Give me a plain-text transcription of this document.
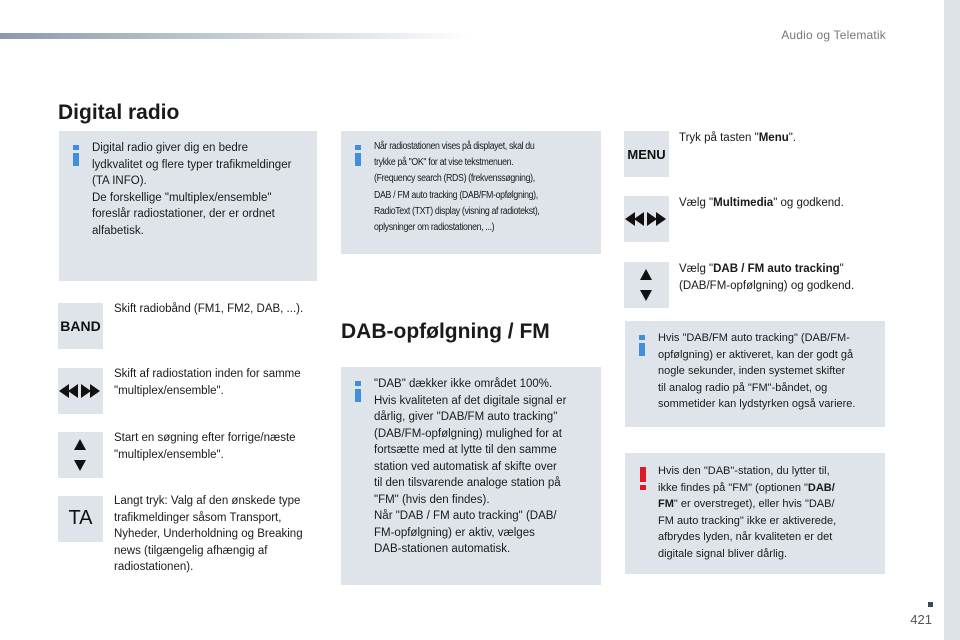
Audio og Telematik
Digital radio
Digital radio giver dig en bedre
lydkvalitet og flere typer trafikmeldinger
(TA INFO).
De forskellige "multiplex/ensemble"
foreslår radiostationer, der er ordnet
alfabetisk.
Når radiostationen vises på displayet, skal du
trykke på "OK" for at vise tekstmenuen.
(Frequency search (RDS) (frekvenssøgning),
DAB / FM auto tracking (DAB/FM-opfølgning),
RadioText (TXT) display (visning af radiotekst),
oplysninger om radiostationen, ...)
BAND
Skift radiobånd (FM1, FM2, DAB, ...).
Skift af radiostation inden for samme
"multiplex/ensemble".
Start en søgning efter forrige/næste
"multiplex/ensemble".
TA
Langt tryk: Valg af den ønskede type
trafikmeldinger såsom Transport,
Nyheder, Underholdning og Breaking
news (tilgængelig afhængig af
radiostationen).
DAB-opfølgning / FM
"DAB" dækker ikke området 100%.
Hvis kvaliteten af det digitale signal er
dårlig, giver "DAB/FM auto tracking"
(DAB/FM-opfølgning) mulighed for at
fortsætte med at lytte til den samme
station ved automatisk af skifte over
til den tilsvarende analoge station på
"FM" (hvis den findes).
Når "DAB / FM auto tracking" (DAB/
FM-opfølgning) er aktiv, vælges
DAB-stationen automatisk.
MENU
Tryk på tasten "Menu".
Vælg "Multimedia" og godkend.
Vælg "DAB / FM auto tracking"
(DAB/FM-opfølgning) og godkend.
Hvis "DAB/FM auto tracking" (DAB/FM-
opfølgning) er aktiveret, kan der godt gå
nogle sekunder, inden systemet skifter
til analog radio på "FM"-båndet, og
sommetider kan lydstyrken også variere.
Hvis den "DAB"-station, du lytter til,
ikke findes på "FM" (optionen "DAB/
FM" er overstreget), eller hvis "DAB/
FM auto tracking" ikke er aktiverede,
afbrydes lyden, når kvaliteten er det
digitale signal bliver dårlig.
421
